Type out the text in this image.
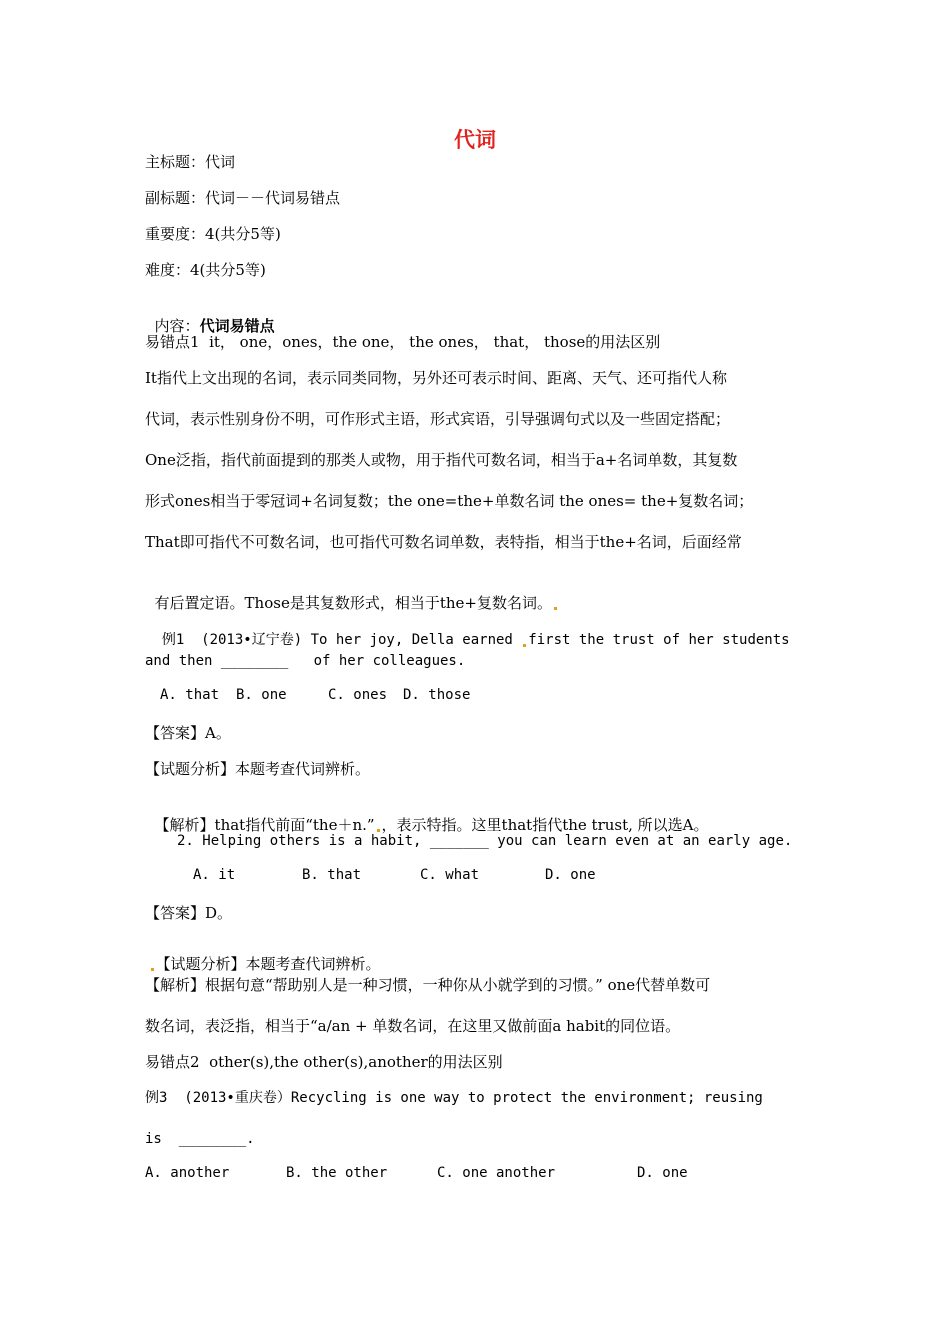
代词
主标题：代词
副标题：代词－－代词易错点
重要度：4(共分5等)
难度：4(共分5等)

内容：代词易错点

易错点1  it， one，ones，the one， the ones， that， those的用法区别
It指代上文出现的名词，表示同类同物，另外还可表示时间、距离、天气、还可指代人称
代词，表示性别身份不明，可作形式主语，形式宾语，引导强调句式以及一些固定搭配；
One泛指，指代前面提到的那类人或物，用于指代可数名词，相当于a+名词单数，其复数
形式ones相当于零冠词+名词复数；the one=the+单数名词 the ones= the+复数名词；
That即可指代不可数名词，也可指代可数名词单数，表特指，相当于the+名词，后面经常

有后置定语。Those是其复数形式，相当于the+复数名词。

例1  (2013•辽宁卷) To her joy, Della earned first the trust of her students

and then ________   of her colleagues.
A. that B. one	C. ones D. those
【答案】A。
【试题分析】本题考查代词辨析。

【解析】that指代前面“the＋n.” ，表示特指。这里that指代the trust, 所以选A。

2. Helping others is a habit, _______ you can learn even at an early age.
A. it	B. that	C. what	D. one
【答案】D。

【试题分析】本题考查代词辨析。

【解析】根据句意“帮助别人是一种习惯，一种你从小就学到的习惯。” one代替单数可
数名词，表泛指，相当于“a/an + 单数名词，在这里又做前面a habit的同位语。
易错点2  other(s),the other(s),another的用法区别
例3  (2013•重庆卷）Recycling is one way to protect the environment; reusing
is  ________.
A. another	B. the other	C. one another	D. one
